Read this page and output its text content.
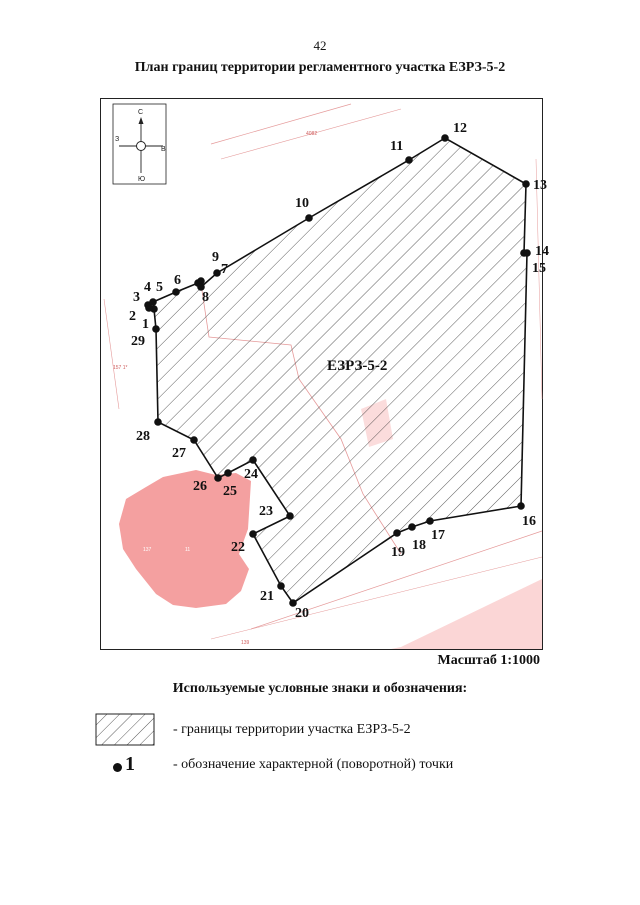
42
План границ территории регламентного участка ЕЗРЗ-5-2
4082
137	11
157 1*
139
С
Ю
З
В
1
2
3
4 5 6
7
8
9
10
11
12
13
14
15
16
17
18
19
20
21
22
23
24
25
26
27
28
29
ЕЗРЗ-5-2
Масштаб 1:1000
Используемые условные знаки и обозначения:
- границы территории участка ЕЗРЗ-5-2
1	- обозначение характерной (поворотной) точки
